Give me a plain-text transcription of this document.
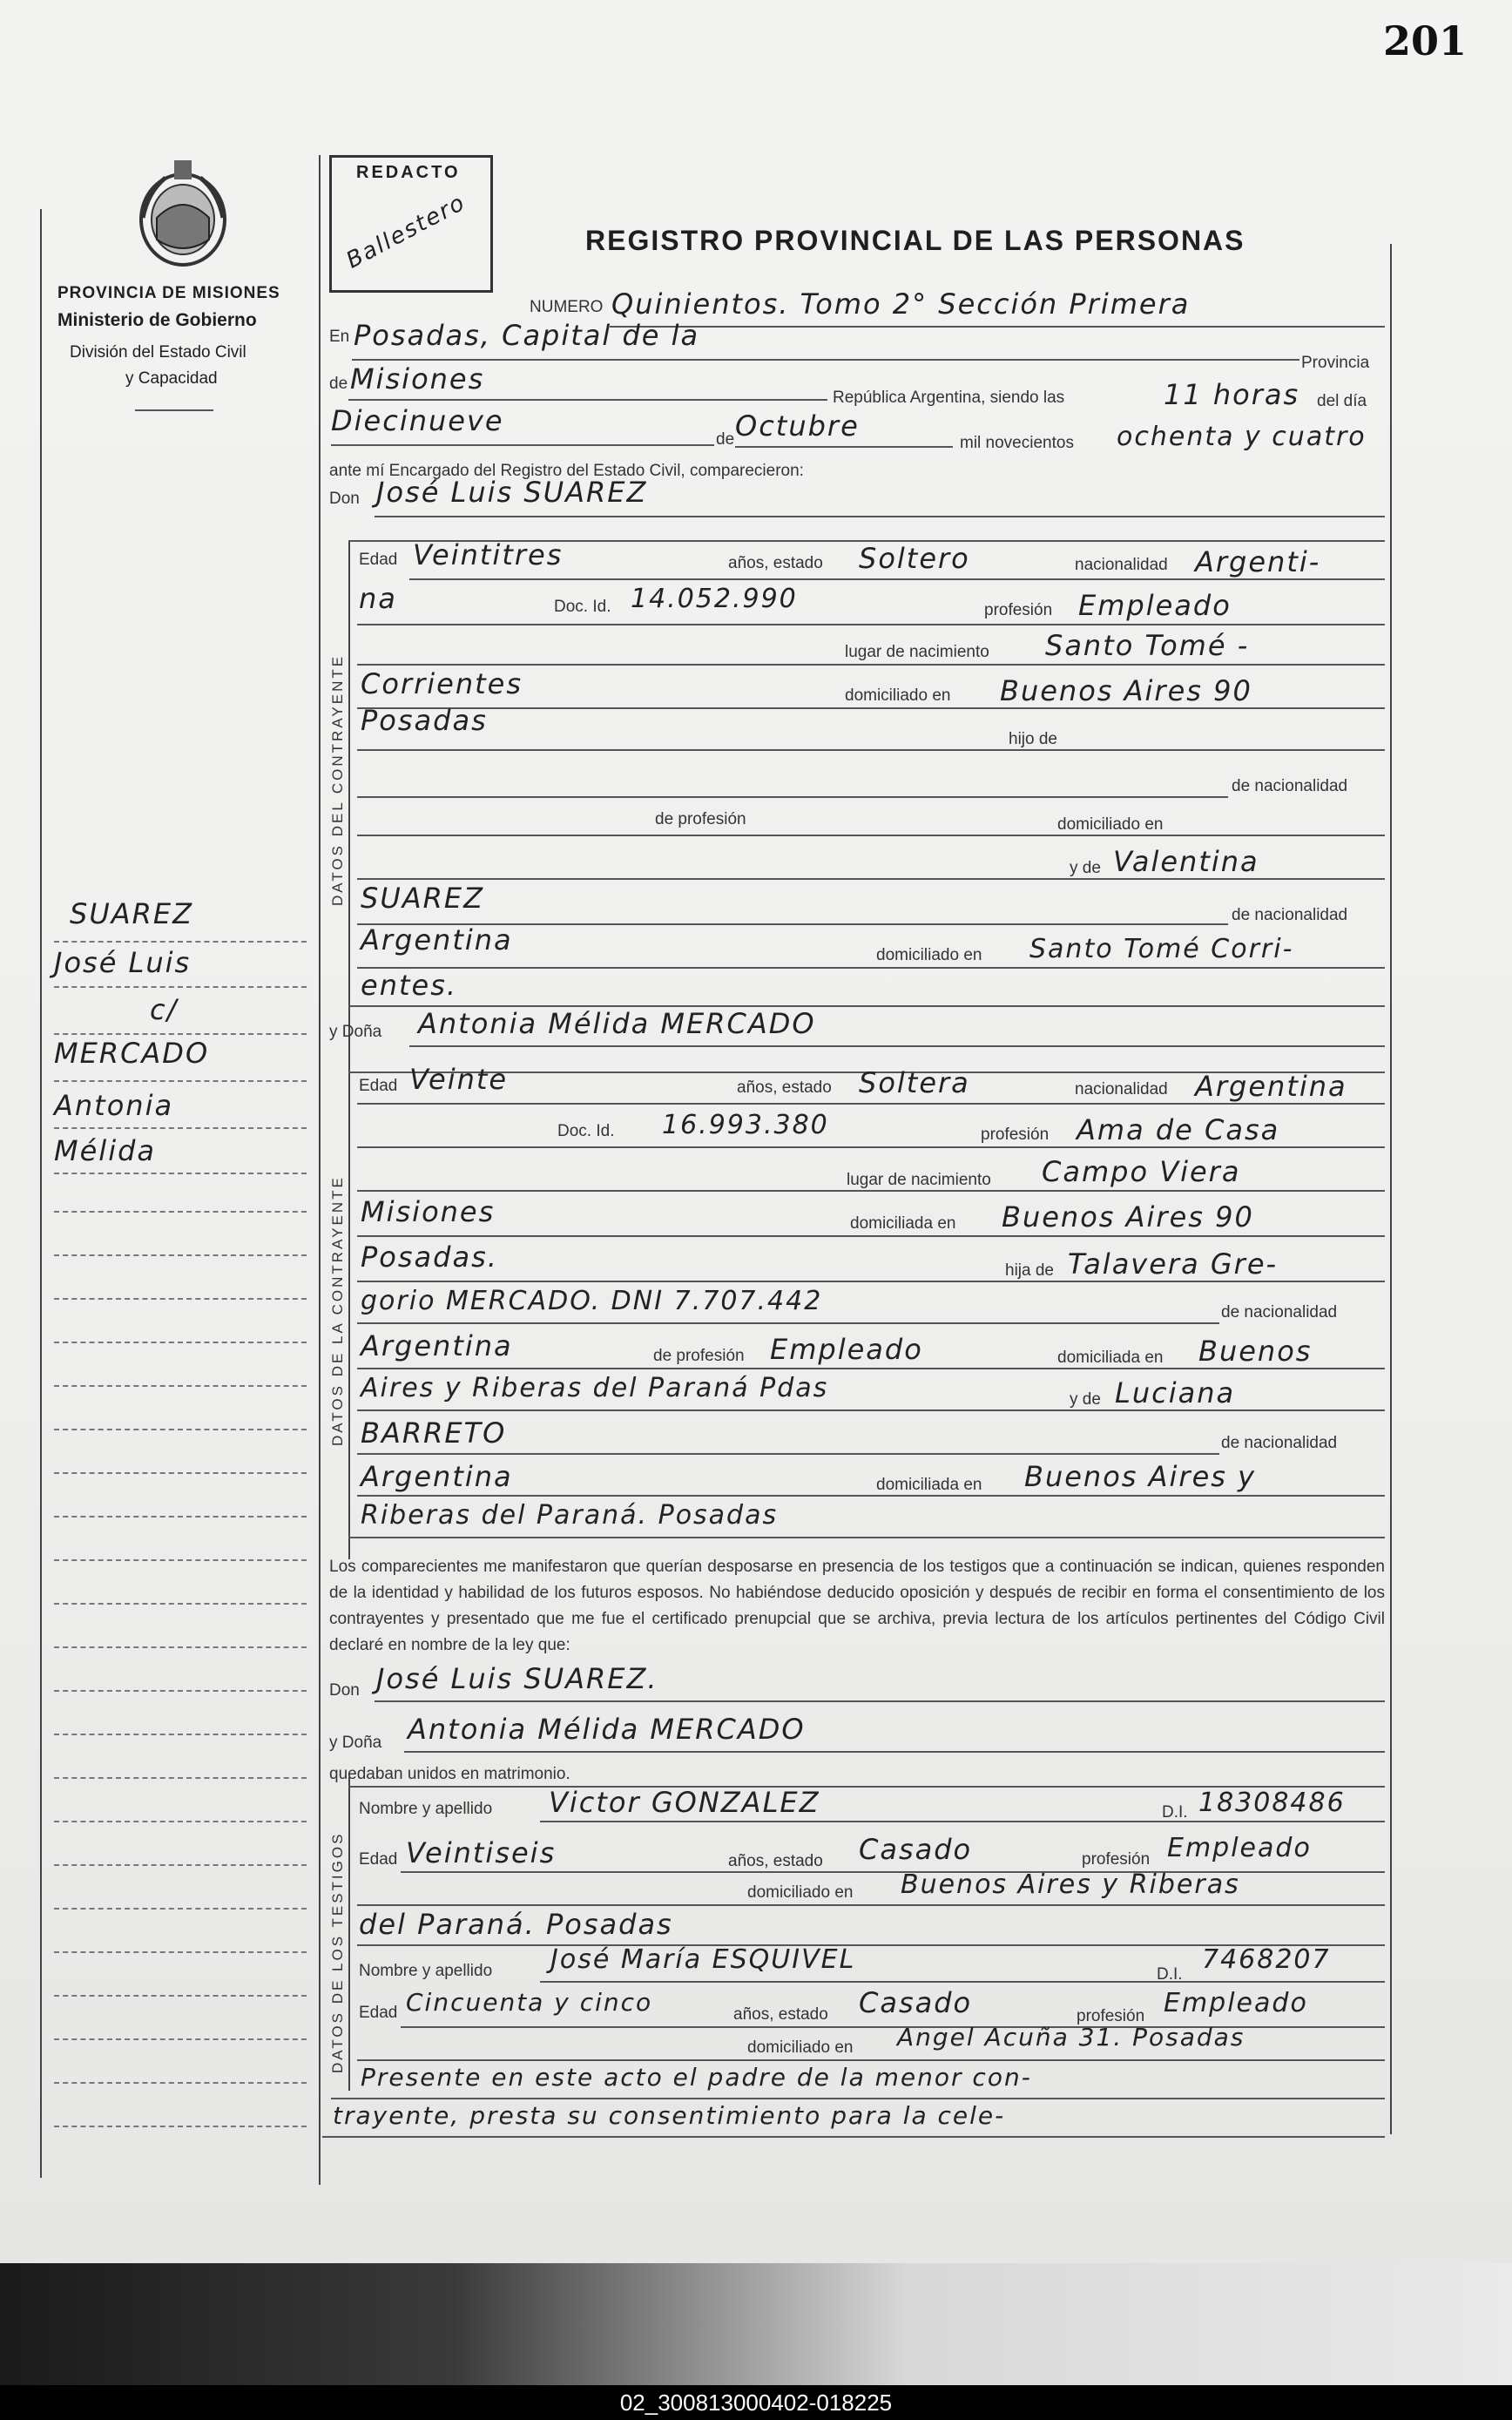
201
PROVINCIA DE MISIONES
Ministerio de Gobierno
División del Estado Civil
y Capacidad
REDACTO
Ballestero	REGISTRO PROVINCIAL DE LAS PERSONAS
SUAREZ
José Luis
c/
MERCADO
Antonia
Mélida
NUMERO Quinientos. Tomo 2° Sección Primera
En Posadas, Capital de la
Provincia
de Misiones
República Argentina, siendo las	11 horas del día
Diecinueve
de Octubre
mil novecientos ochenta y cuatro
ante mí Encargado del Registro del Estado Civil, comparecieron:
Don José Luis SUAREZ
DATOS DEL CONTRAYENTE
Edad Veintitres	años, estado Soltero	nacionalidad Argenti-
na	Doc. Id. 14.052.990	profesión Empleado
lugar de nacimiento Santo Tomé -
Corrientes	domiciliado en Buenos Aires 90
Posadas
hijo de
de nacionalidad
de profesión	domiciliado en
y de Valentina
SUAREZ
de nacionalidad
Argentina	domiciliado en Santo Tomé Corri-
entes.
y Doña Antonia Mélida MERCADO
DATOS DE LA CONTRAYENTE
Edad Veinte	años, estado Soltera	nacionalidad Argentina
Doc. Id. 16.993.380	profesión Ama de Casa
lugar de nacimiento Campo Viera
Misiones	domiciliada en Buenos Aires 90
Posadas.	hija de Talavera Gre-
gorio MERCADO. DNI 7.707.442	de nacionalidad
Argentina	de profesión Empleado	domiciliada en Buenos
Aires y Riberas del Paraná Pdas	y de Luciana
BARRETO	de nacionalidad
Argentina	domiciliada en Buenos Aires y
Riberas del Paraná. Posadas
Los comparecientes me manifestaron que querían desposarse en presencia de los testigos que a continuación se indican, quienes responden de la identidad y habilidad de los futuros esposos. No habiéndose deducido oposición y después de recibir en forma el consentimiento de los contrayentes y presentado que me fue el certificado prenupcial que se archiva, previa lectura de los artículos pertinentes del Código Civil declaré en nombre de la ley que:
Don José Luis SUAREZ.
y Doña Antonia Mélida MERCADO
quedaban unidos en matrimonio.
DATOS DE LOS TESTIGOS
Nombre y apellido Victor GONZALEZ	D.I. 18308486
Edad Veintiseis	años, estado Casado	profesión Empleado
domiciliado en Buenos Aires y Riberas
del Paraná. Posadas
Nombre y apellido José María ESQUIVEL	D.I. 7468207
Edad Cincuenta y cinco	años, estado Casado	profesión Empleado
domiciliado en Angel Acuña 31. Posadas
Presente en este acto el padre de la menor con-
trayente, presta su consentimiento para la cele-
02_300813000402-018225
